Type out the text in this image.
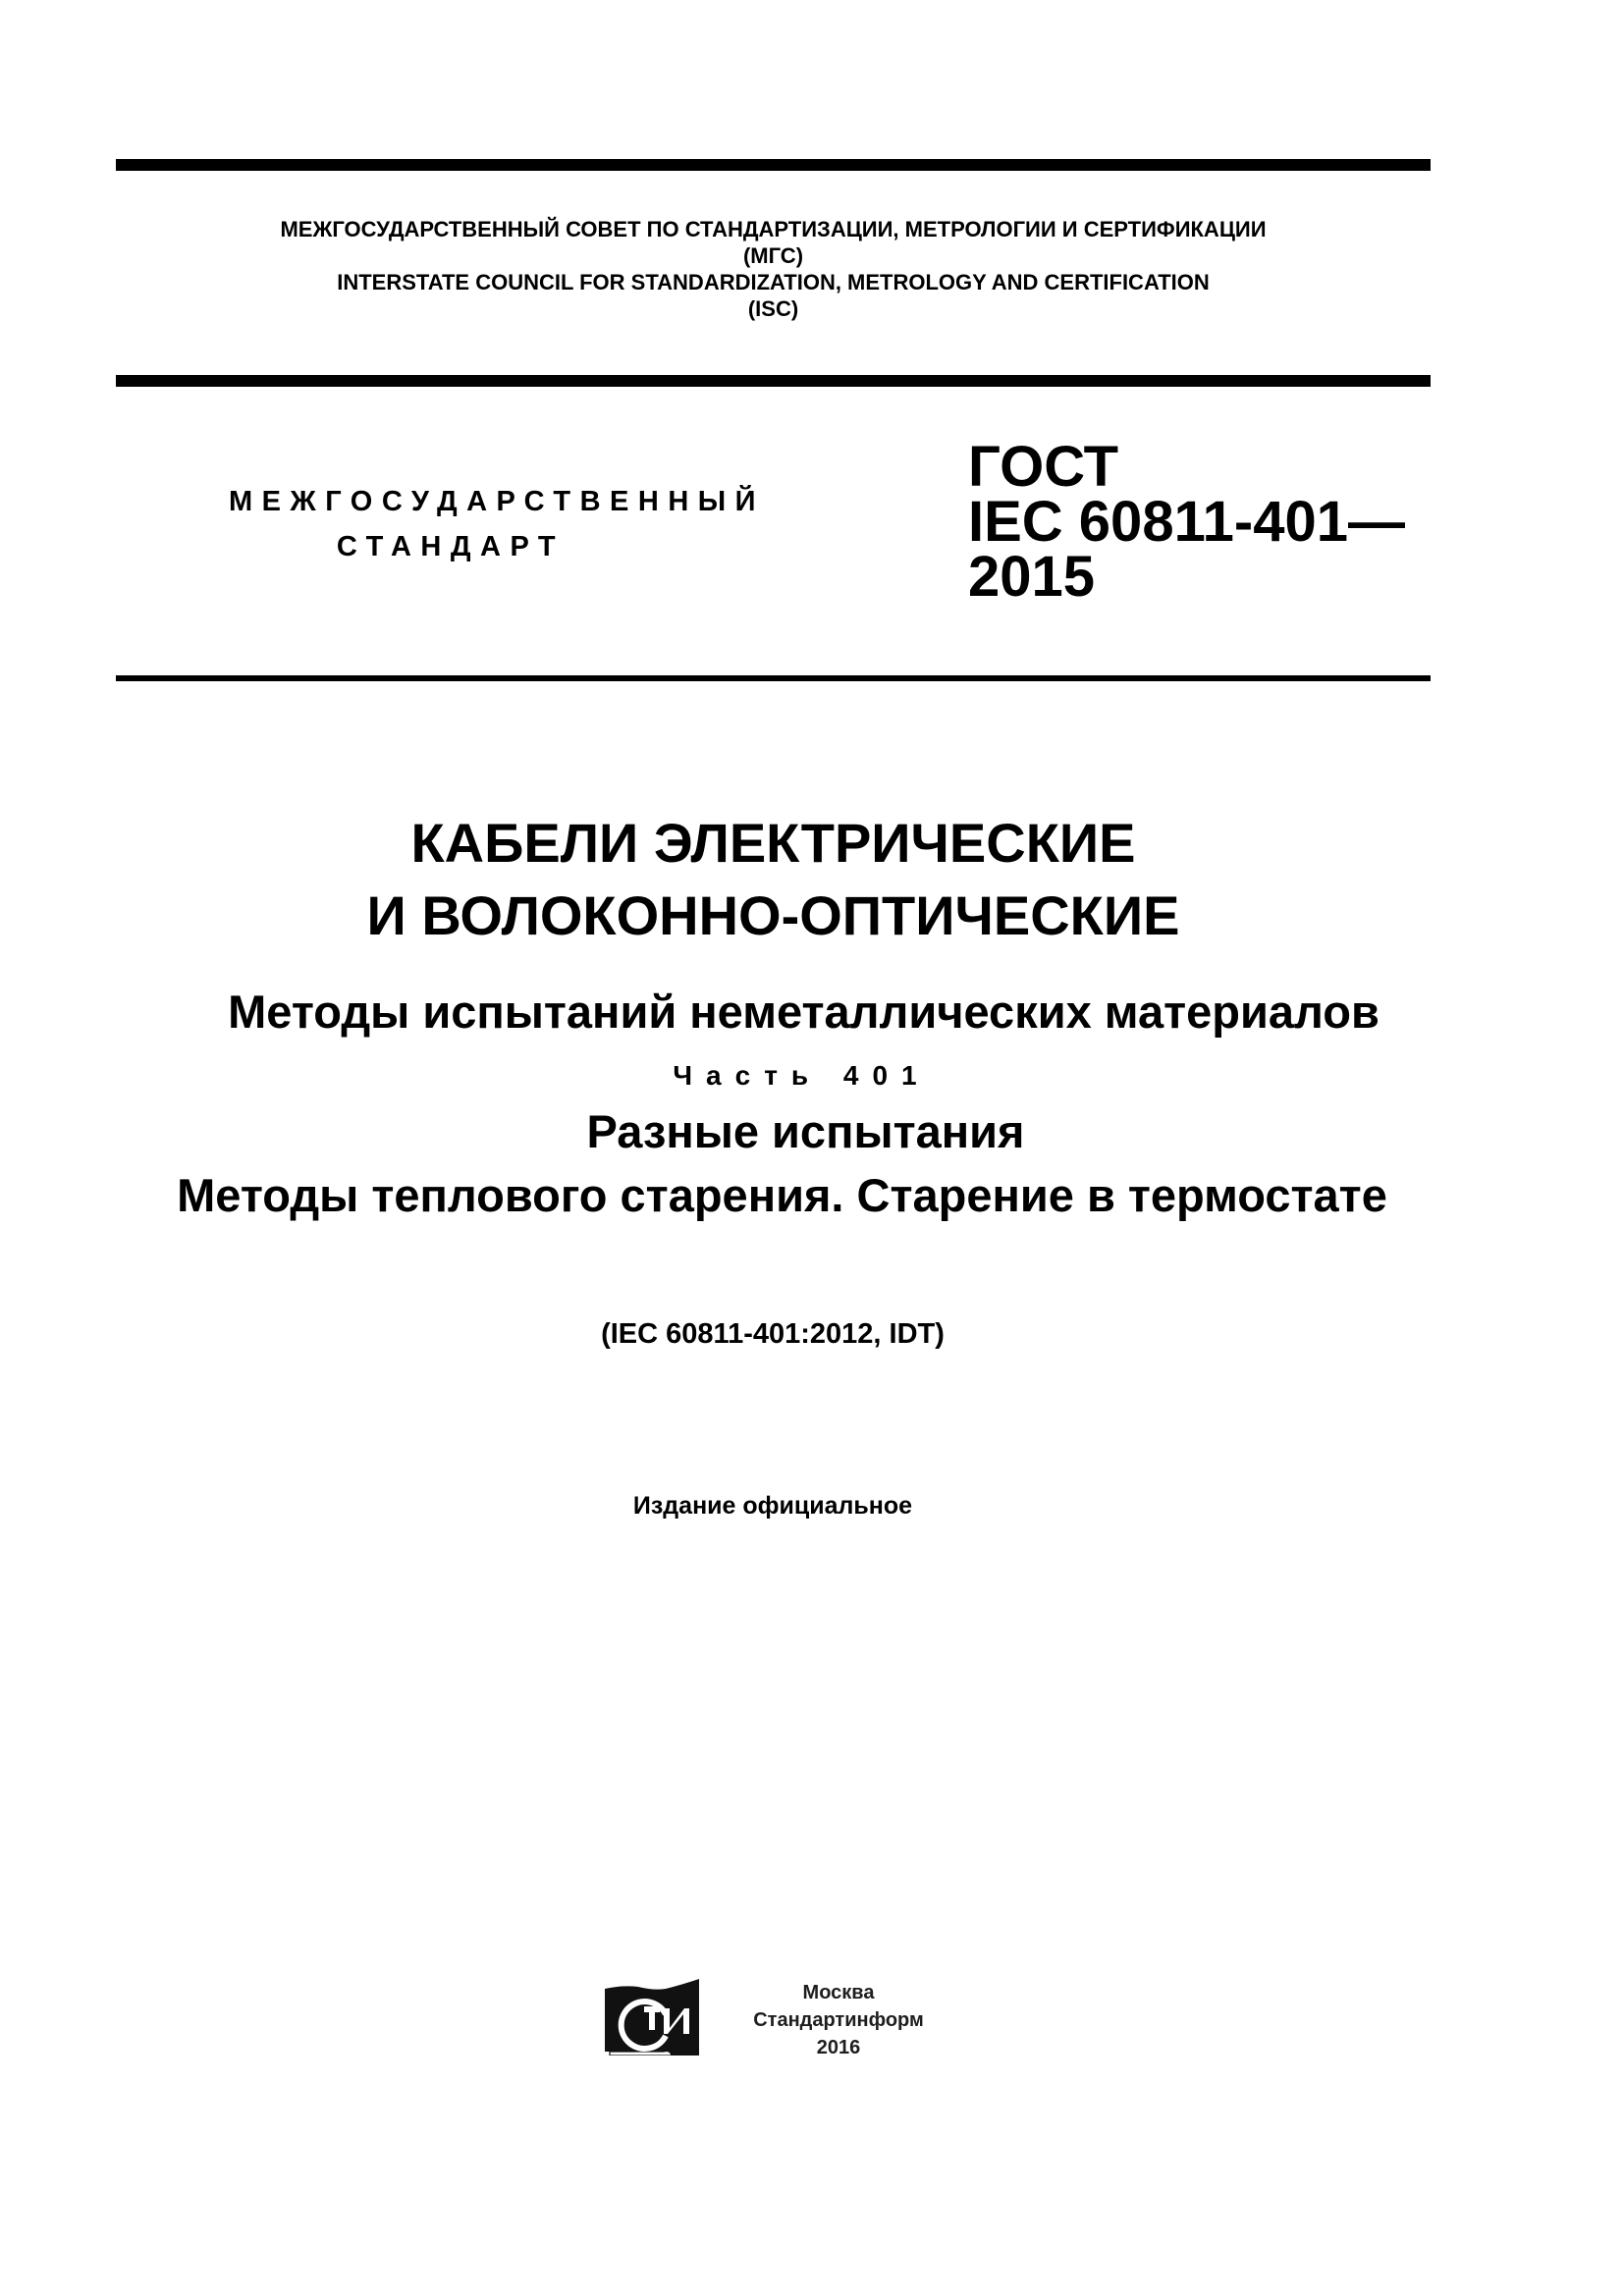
МЕЖГОСУДАРСТВЕННЫЙ СОВЕТ ПО СТАНДАРТИЗАЦИИ, МЕТРОЛОГИИ И СЕРТИФИКАЦИИ
(МГС)
INTERSTATE COUNCIL FOR STANDARDIZATION, METROLOGY AND CERTIFICATION
(ISC)
МЕЖГОСУДАРСТВЕННЫЙ
СТАНДАРТ
ГОСТ
IEC 60811-401—
2015
КАБЕЛИ ЭЛЕКТРИЧЕСКИЕ
И ВОЛОКОННО-ОПТИЧЕСКИЕ
Методы испытаний неметаллических материалов
Часть 401
Разные испытания
Методы теплового старения. Старение в термостате
(IEC 60811-401:2012, IDT)
Издание официальное
Москва
Стандартинформ
2016
